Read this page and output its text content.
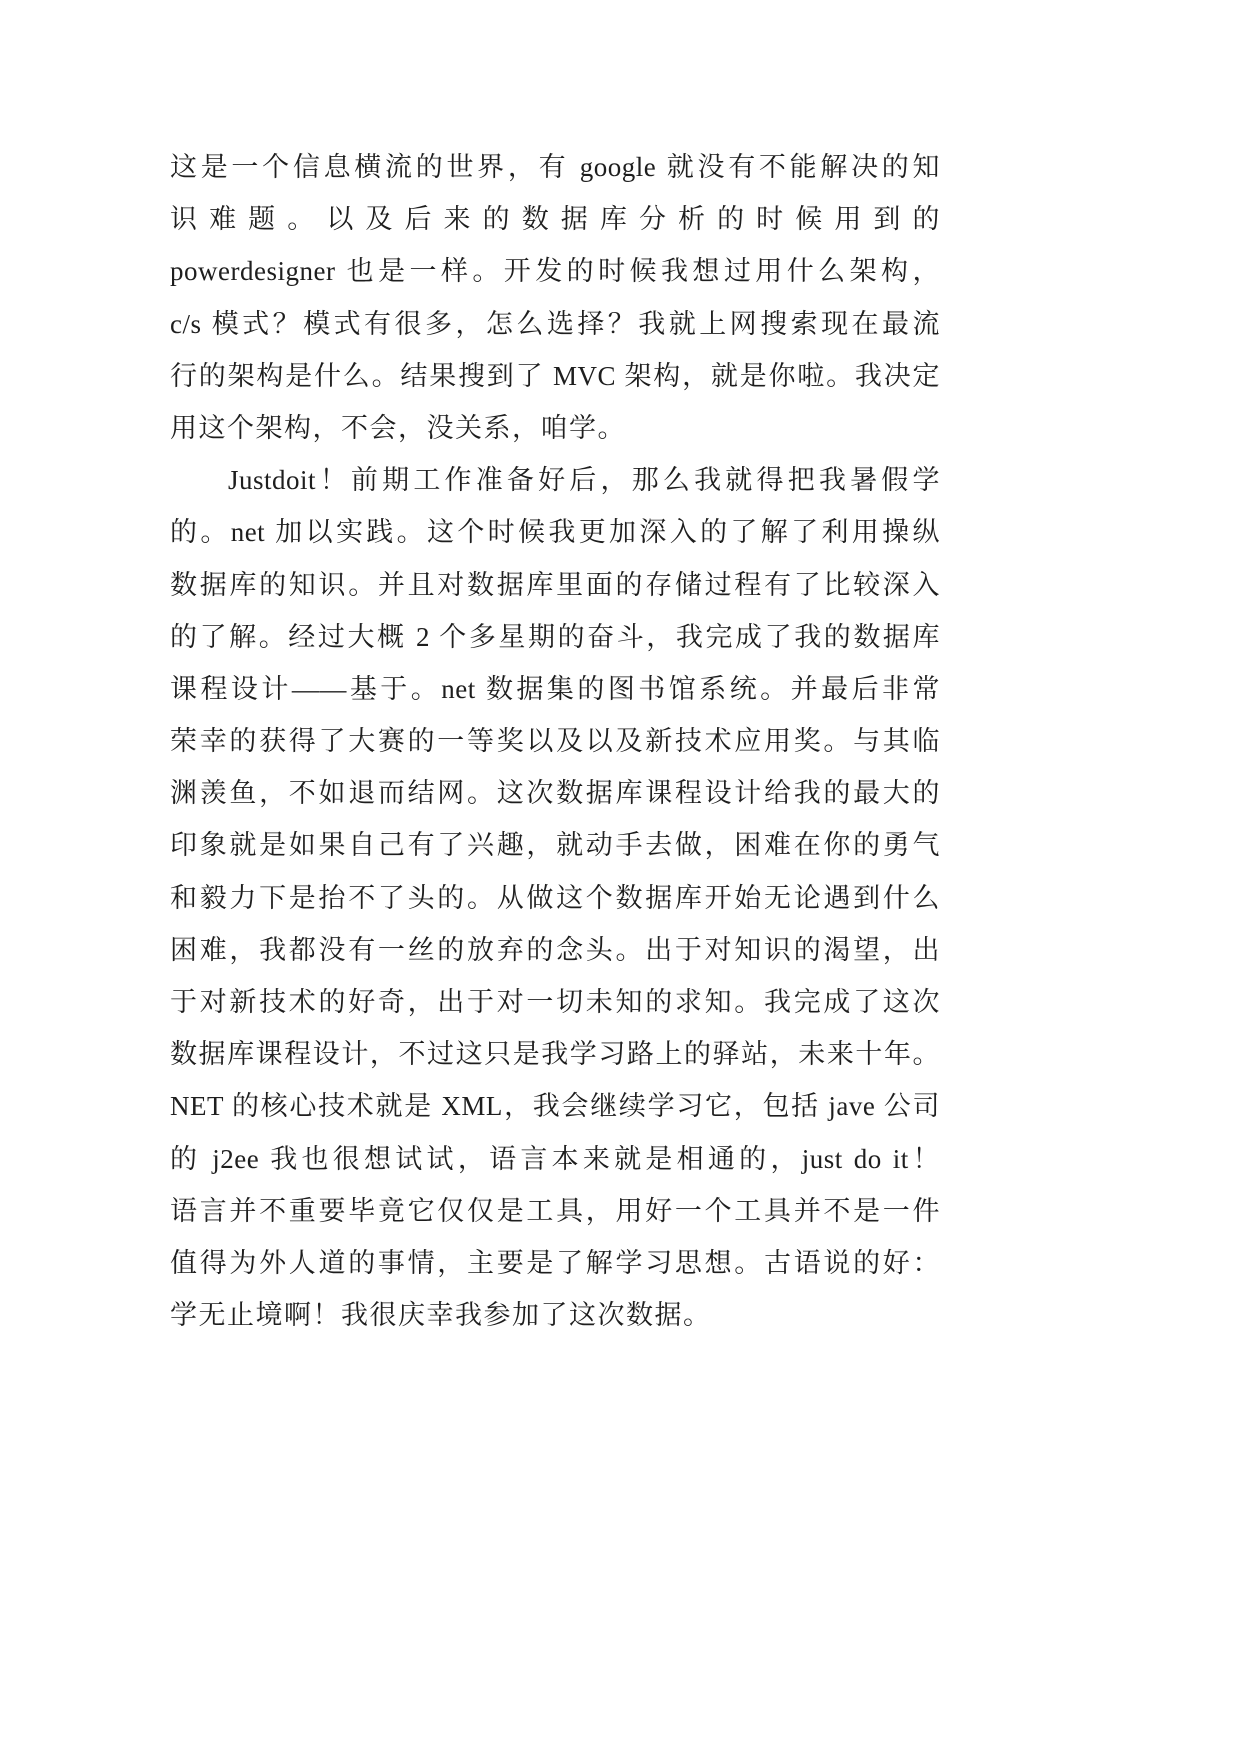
这是一个信息横流的世界，有 google 就没有不能解决的知
识难题。以及后来的数据库分析的时候用到的
powerdesigner 也是一样。开发的时候我想过用什么架构，
c/s 模式？模式有很多，怎么选择？我就上网搜索现在最流
行的架构是什么。结果搜到了 MVC 架构，就是你啦。我决定
用这个架构，不会，没关系，咱学。
Justdoit！前期工作准备好后，那么我就得把我暑假学
的。net 加以实践。这个时候我更加深入的了解了利用操纵
数据库的知识。并且对数据库里面的存储过程有了比较深入
的了解。经过大概 2 个多星期的奋斗，我完成了我的数据库
课程设计——基于。net 数据集的图书馆系统。并最后非常
荣幸的获得了大赛的一等奖以及以及新技术应用奖。与其临
渊羡鱼，不如退而结网。这次数据库课程设计给我的最大的
印象就是如果自己有了兴趣，就动手去做，困难在你的勇气
和毅力下是抬不了头的。从做这个数据库开始无论遇到什么
困难，我都没有一丝的放弃的念头。出于对知识的渴望，出
于对新技术的好奇，出于对一切未知的求知。我完成了这次
数据库课程设计，不过这只是我学习路上的驿站，未来十年。
NET 的核心技术就是 XML，我会继续学习它，包括 jave 公司
的 j2ee 我也很想试试，语言本来就是相通的，just do it！
语言并不重要毕竟它仅仅是工具，用好一个工具并不是一件
值得为外人道的事情，主要是了解学习思想。古语说的好：
学无止境啊！我很庆幸我参加了这次数据。
